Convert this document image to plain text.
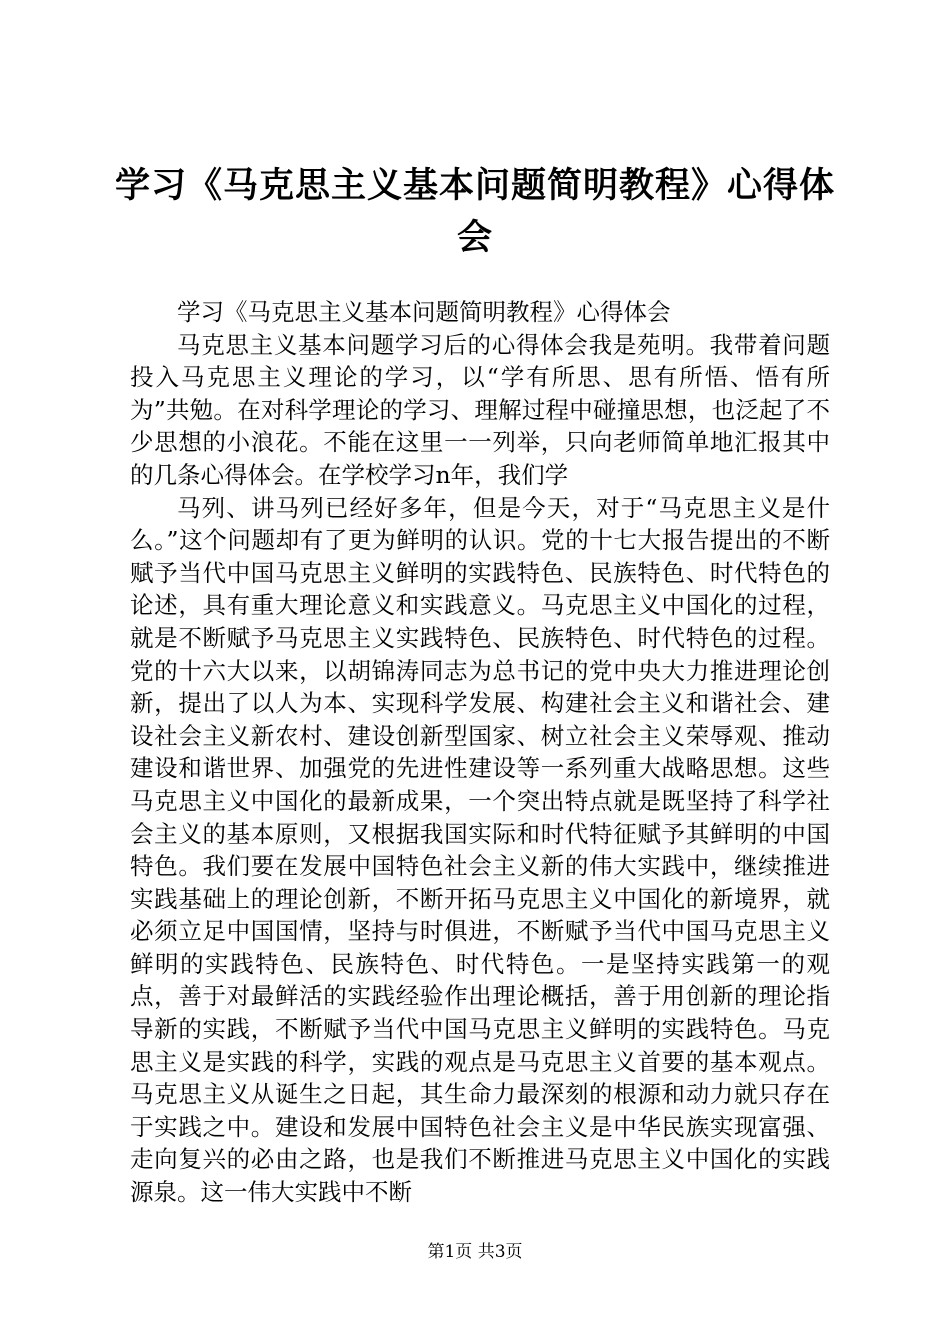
学习《马克思主义基本问题简明教程》心得体会

学习《马克思主义基本问题简明教程》心得体会

马克思主义基本问题学习后的心得体会我是苑明。我带着问题投入马克思主义理论的学习，以“学有所思、思有所悟、悟有所为”共勉。在对科学理论的学习、理解过程中碰撞思想，也泛起了不少思想的小浪花。不能在这里一一列举，只向老师简单地汇报其中的几条心得体会。在学校学习n年，我们学

马列、讲马列已经好多年，但是今天，对于“马克思主义是什么。”这个问题却有了更为鲜明的认识。党的十七大报告提出的不断赋予当代中国马克思主义鲜明的实践特色、民族特色、时代特色的论述，具有重大理论意义和实践意义。马克思主义中国化的过程，就是不断赋予马克思主义实践特色、民族特色、时代特色的过程。党的十六大以来，以胡锦涛同志为总书记的党中央大力推进理论创新，提出了以人为本、实现科学发展、构建社会主义和谐社会、建设社会主义新农村、建设创新型国家、树立社会主义荣辱观、推动建设和谐世界、加强党的先进性建设等一系列重大战略思想。这些马克思主义中国化的最新成果，一个突出特点就是既坚持了科学社会主义的基本原则，又根据我国实际和时代特征赋予其鲜明的中国特色。我们要在发展中国特色社会主义新的伟大实践中，继续推进实践基础上的理论创新，不断开拓马克思主义中国化的新境界，就必须立足中国国情，坚持与时俱进，不断赋予当代中国马克思主义鲜明的实践特色、民族特色、时代特色。一是坚持实践第一的观点，善于对最鲜活的实践经验作出理论概括，善于用创新的理论指导新的实践，不断赋予当代中国马克思主义鲜明的实践特色。马克思主义是实践的科学，实践的观点是马克思主义首要的基本观点。马克思主义从诞生之日起，其生命力最深刻的根源和动力就只存在于实践之中。建设和发展中国特色社会主义是中华民族实现富强、走向复兴的必由之路，也是我们不断推进马克思主义中国化的实践源泉。这一伟大实践中不断

第1页 共3页
